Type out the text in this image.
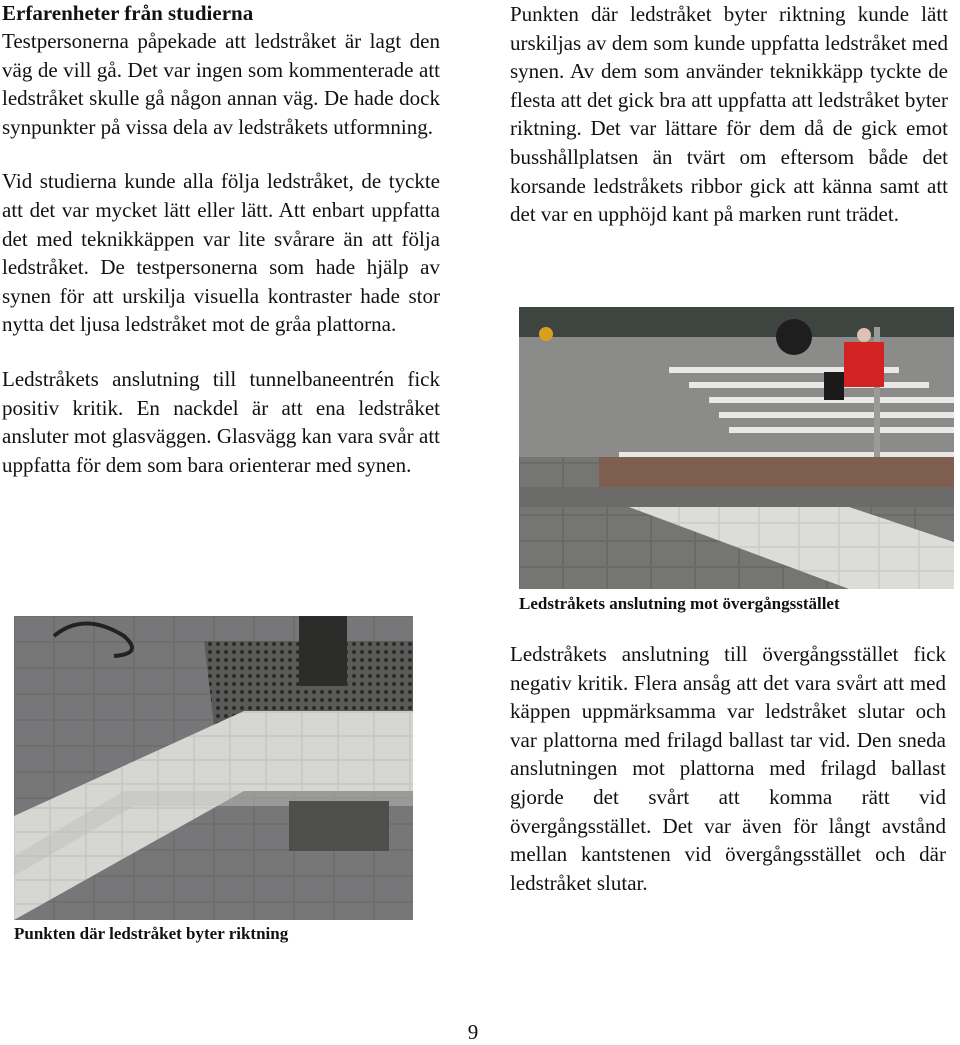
Erfarenheter från studierna

Testpersonerna påpekade att ledstråket är lagt den väg de vill gå. Det var ingen som kommenterade att ledstråket skulle gå någon annan väg. De hade dock synpunkter på vissa dela av ledstråkets utformning.

Vid studierna kunde alla följa ledstråket, de tyckte att det var mycket lätt eller lätt. Att enbart uppfatta det med teknikkäppen var lite svårare än att följa ledstråket. De testpersonerna som hade hjälp av synen för att urskilja visuella kontraster hade stor nytta det ljusa ledstråket mot de gråa plattorna.

Ledstråkets anslutning till tunnelbaneentrén fick positiv kritik. En nackdel är att ena ledstråket ansluter mot glasväggen. Glasvägg kan vara svår att uppfatta för dem som bara orienterar med synen.

Punkten där ledstråket byter riktning

Punkten där ledstråket byter riktning kunde lätt urskiljas av dem som kunde uppfatta ledstråket med synen. Av dem som använder teknikkäpp tyckte de flesta att det gick bra att uppfatta att ledstråket byter riktning. Det var lättare för dem då de gick emot busshållplatsen än tvärt om eftersom både det korsande ledstråkets ribbor gick att känna samt att det var en upphöjd kant på marken runt trädet.

Ledstråkets anslutning mot övergångsstället

Ledstråkets anslutning till övergångsstället fick negativ kritik. Flera ansåg att det vara svårt att med käppen uppmärksamma var ledstråket slutar och var plattorna med frilagd ballast tar vid. Den sneda anslutningen mot plattorna med frilagd ballast gjorde det svårt att komma rätt vid övergångsstället. Det var även för långt avstånd mellan kantstenen vid övergångsstället och där ledstråket slutar.

9
